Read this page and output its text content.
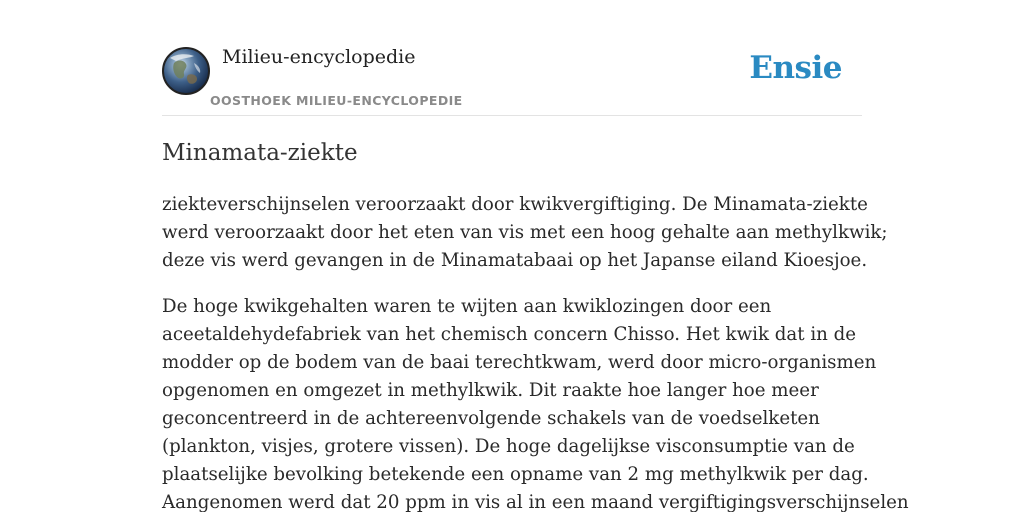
Milieu-encyclopedie
OOSTHOEK MILIEU-ENCYCLOPEDIE
Ensie
Minamata-ziekte

ziekteverschijnselen veroorzaakt door kwikvergiftiging. De Minamata-ziekte
werd veroorzaakt door het eten van vis met een hoog gehalte aan methylkwik;
deze vis werd gevangen in de Minamatabaai op het Japanse eiland Kioesjoe.

De hoge kwikgehalten waren te wijten aan kwiklozingen door een
aceetaldehydefabriek van het chemisch concern Chisso. Het kwik dat in de
modder op de bodem van de baai terechtkwam, werd door micro-organismen
opgenomen en omgezet in methylkwik. Dit raakte hoe langer hoe meer
geconcentreerd in de achtereenvolgende schakels van de voedselketen
(plankton, visjes, grotere vissen). De hoge dagelijkse visconsumptie van de
plaatselijke bevolking betekende een opname van 2 mg methylkwik per dag.
Aangenomen werd dat 20 ppm in vis al in een maand vergiftigingsverschijnselen
